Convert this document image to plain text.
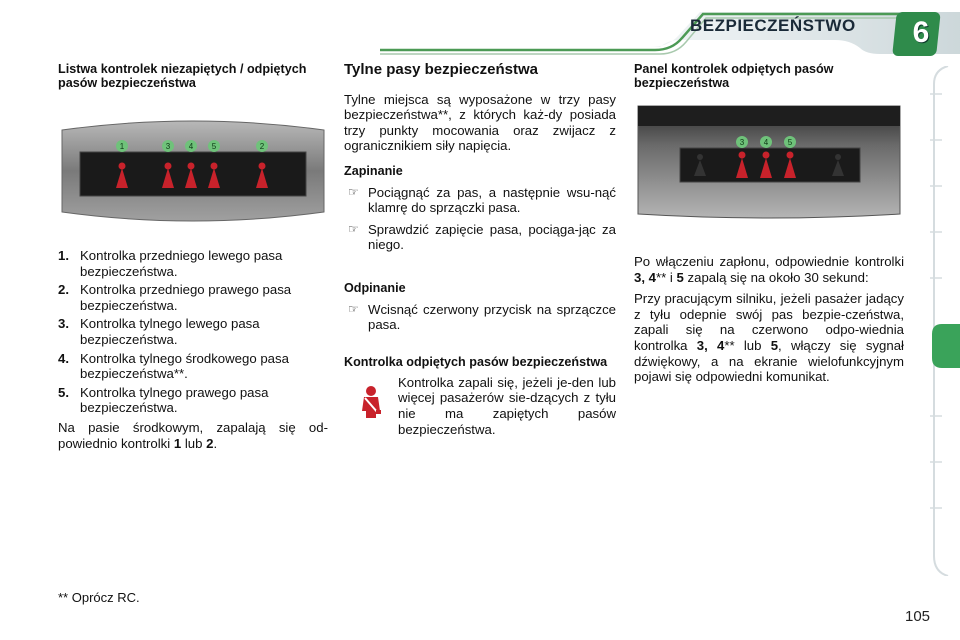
BEZPIECZEŃSTWO	6
Listwa kontrolek niezapiętych / odpiętych pasów bezpieczeństwa
1	3 4 5	2
1. Kontrolka przedniego lewego pasa bezpieczeństwa.
2. Kontrolka przedniego prawego pasa bezpieczeństwa.
3. Kontrolka tylnego lewego pasa bezpieczeństwa.
4. Kontrolka tylnego środkowego pasa bezpieczeństwa**.
5. Kontrolka tylnego prawego pasa bezpieczeństwa.

Na pasie środkowym, zapalają się od-powiednio kontrolki 1 lub 2.

Tylne pasy bezpieczeństwa

Tylne miejsca są wyposażone w trzy pasy bezpieczeństwa**, z których każ-dy posiada trzy punkty mocowania oraz zwijacz z ogranicznikiem siły napięcia.

Zapinanie
☞ Pociągnąć za pas, a następnie wsu-nąć klamrę do sprzączki pasa.
☞ Sprawdzić zapięcie pasa, pociąga-jąc za niego.
Odpinanie
☞ Wcisnąć czerwony przycisk na sprzączce pasa.
Kontrolka odpiętych pasów bezpieczeństwa

Kontrolka zapali się, jeżeli je-den lub więcej pasażerów sie-dzących z tyłu nie ma zapiętych pasów bezpieczeństwa.

Panel kontrolek odpiętych pasów bezpieczeństwa
3 4 5

Po włączeniu zapłonu, odpowiednie kontrolki 3, 4** i 5 zapalą się na około 30 sekund:

Przy pracującym silniku, jeżeli pasażer jadący z tyłu odepnie swój pas bezpie-czeństwa, zapali się na czerwono odpo-wiednia kontrolka 3, 4** lub 5, włączy się sygnał dźwiękowy, a na ekranie wielofunkcyjnym pojawi się odpowiedni komunikat.

** Oprócz RC.
105
